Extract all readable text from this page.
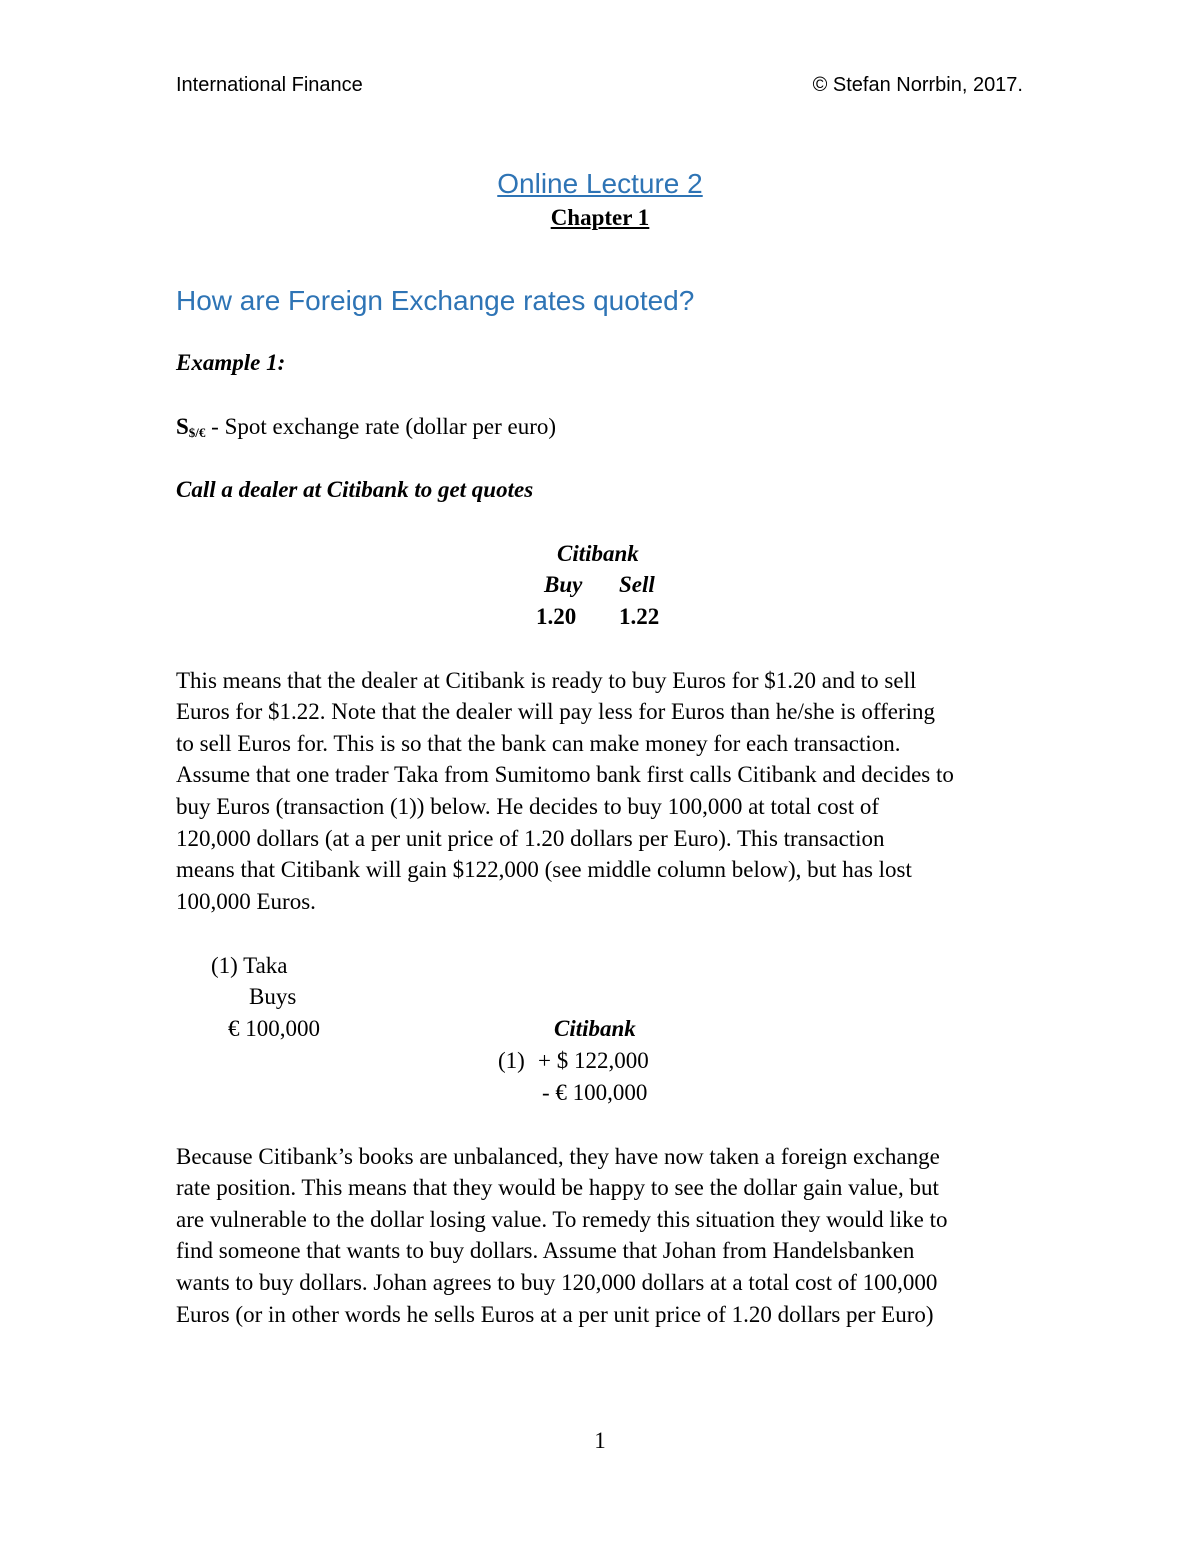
International Finance	© Stefan Norrbin, 2017.
Online Lecture 2
Chapter 1
How are Foreign Exchange rates quoted?
Example 1:
$S_{\$/€}$ - Spot exchange rate (dollar per euro)
Call a dealer at Citibank to get quotes
Citibank
Buy Sell
1.20 1.22
This means that the dealer at Citibank is ready to buy Euros for $1.20 and to sell
Euros for $1.22. Note that the dealer will pay less for Euros than he/she is offering
to sell Euros for. This is so that the bank can make money for each transaction.
Assume that one trader Taka from Sumitomo bank first calls Citibank and decides to
buy Euros (transaction (1)) below. He decides to buy 100,000 at total cost of
120,000 dollars (at a per unit price of 1.20 dollars per Euro). This transaction
means that Citibank will gain $122,000 (see middle column below), but has lost
100,000 Euros.
(1) Taka
Buys
€ 100,000	Citibank
(1) + $ 122,000
- € 100,000
Because Citibank’s books are unbalanced, they have now taken a foreign exchange
rate position. This means that they would be happy to see the dollar gain value, but
are vulnerable to the dollar losing value. To remedy this situation they would like to
find someone that wants to buy dollars. Assume that Johan from Handelsbanken
wants to buy dollars. Johan agrees to buy 120,000 dollars at a total cost of 100,000
Euros (or in other words he sells Euros at a per unit price of 1.20 dollars per Euro)
1
